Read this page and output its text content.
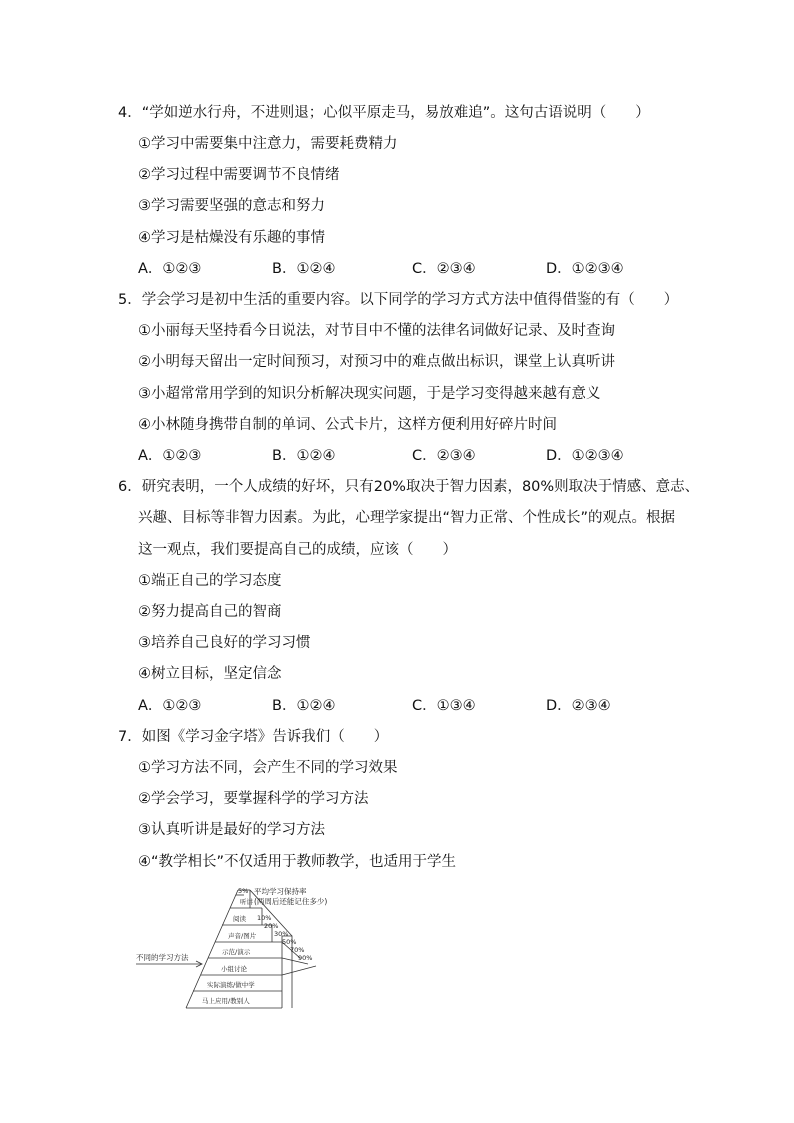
4．“学如逆水行舟，不进则退；心似平原走马，易放难追”。这句古语说明（　　）
①学习中需要集中注意力，需要耗费精力
②学习过程中需要调节不良情绪
③学习需要坚强的意志和努力
④学习是枯燥没有乐趣的事情
A．①②③	B．①②④	C．②③④	D．①②③④
5．学会学习是初中生活的重要内容。以下同学的学习方式方法中值得借鉴的有（　　）
①小丽每天坚持看今日说法，对节目中不懂的法律名词做好记录、及时查询
②小明每天留出一定时间预习，对预习中的难点做出标识，课堂上认真听讲
③小超常常用学到的知识分析解决现实问题，于是学习变得越来越有意义
④小林随身携带自制的单词、公式卡片，这样方便利用好碎片时间
A．①②③	B．①②④	C．②③④	D．①②③④
6．研究表明，一个人成绩的好坏，只有20%取决于智力因素，80%则取决于情感、意志、
兴趣、目标等非智力因素。为此，心理学家提出“智力正常、个性成长”的观点。根据
这一观点，我们要提高自己的成绩，应该（　　）
①端正自己的学习态度
②努力提高自己的智商
③培养自己良好的学习习惯
④树立目标，坚定信念
A．①②③	B．①②④	C．①③④	D．②③④
7．如图《学习金字塔》告诉我们（　　）
①学习方法不同，会产生不同的学习效果
②学会学习，要掌握科学的学习方法
③认真听讲是最好的学习方法
④“教学相长”不仅适用于教师教学，也适用于学生
不同的学习方法
平均学习保持率
(两周后还能记住多少)
听讲
阅读
声音/图片
示范/演示
小组讨论
实际演练/做中学
马上应用/教别人
5%
10%
20%
30%
50%
70%
90%
